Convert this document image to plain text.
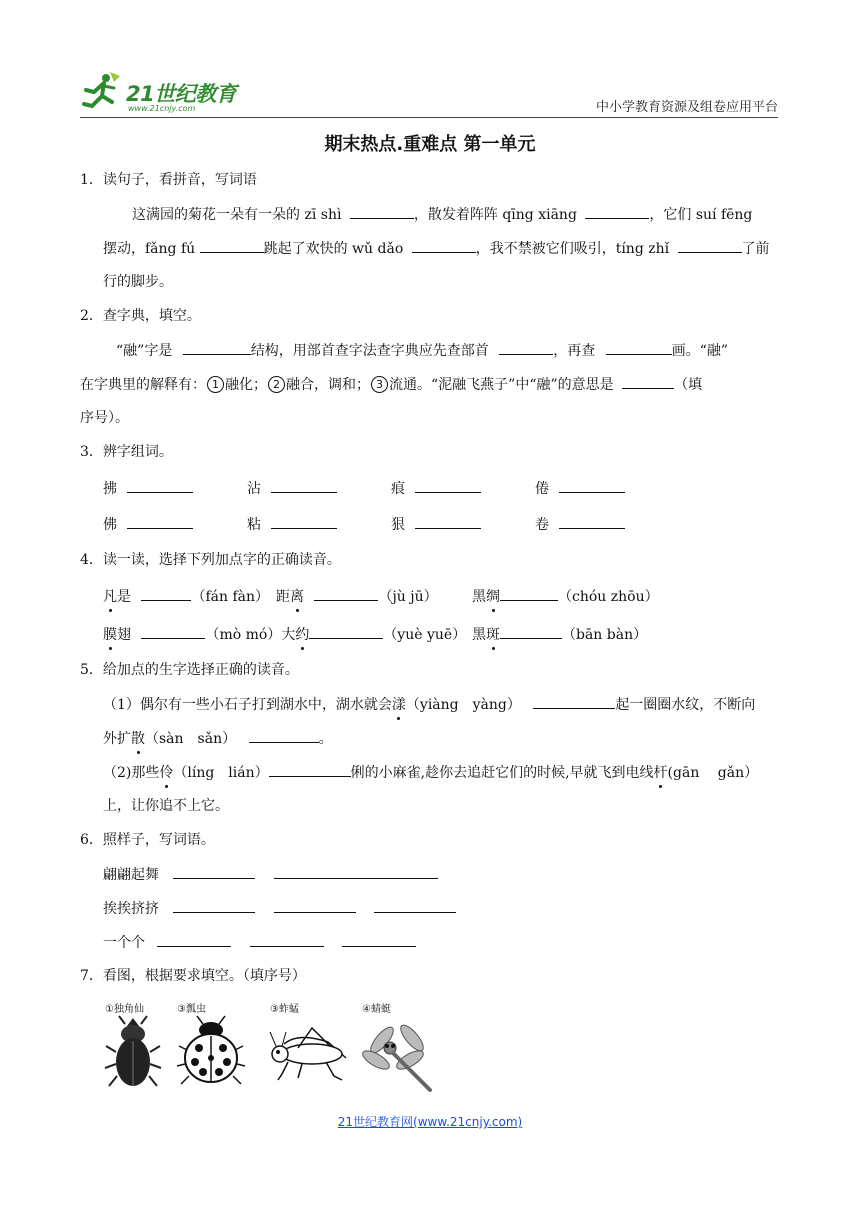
21世纪教育
www.21cnjy.com	中小学教育资源及组卷应用平台
期末热点.重难点 第一单元
1．读句子，看拼音，写词语
这满园的菊花一朵有一朵的 zī shì	，散发着阵阵 qīng xiāng	，它们 suí fēng
摆动，fǎng fú	跳起了欢快的 wǔ dǎo	，我不禁被它们吸引，tíng zhǐ	了前
行的脚步。
2．查字典，填空。
“融”字是	结构，用部首查字法查字典应先查部首	，再查	画。“融”
在字典里的解释有： 1 融化； 2 融合，调和； 3 流通。“泥融飞燕子”中“融”的意思是	（填
序号）。
3．辨字组词。
拂	沾	痕	倦
佛	粘	狠	卷
4．读一读，选择下列加点字的正确读音。
凡是	（fán fàn） 距离	（jù jū） 黑绸	（chóu zhōu）
膜翅	（mò mó）大约	（yuè yuē） 黑斑	（bān bàn）
5．给加点的生字选择正确的读音。
（1）偶尔有一些小石子打到湖水中，湖水就会漾（yiàng　yàng）	起一圈圈水纹，不断向
外扩散（sàn　sǎn）	。
（2)那些伶（líng　lián）	俐的小麻雀,趁你去追赶它们的时候,早就飞到电线杆(gān　 gǎn）
上，让你追不上它。
6．照样子，写词语。
翩翩起舞
挨挨挤挤
一个个
7．看图，根据要求填空。（填序号）
①独角仙	③瓢虫	③蚱蜢	④蜻蜓
21世纪教育网(www.21cnjy.com)
